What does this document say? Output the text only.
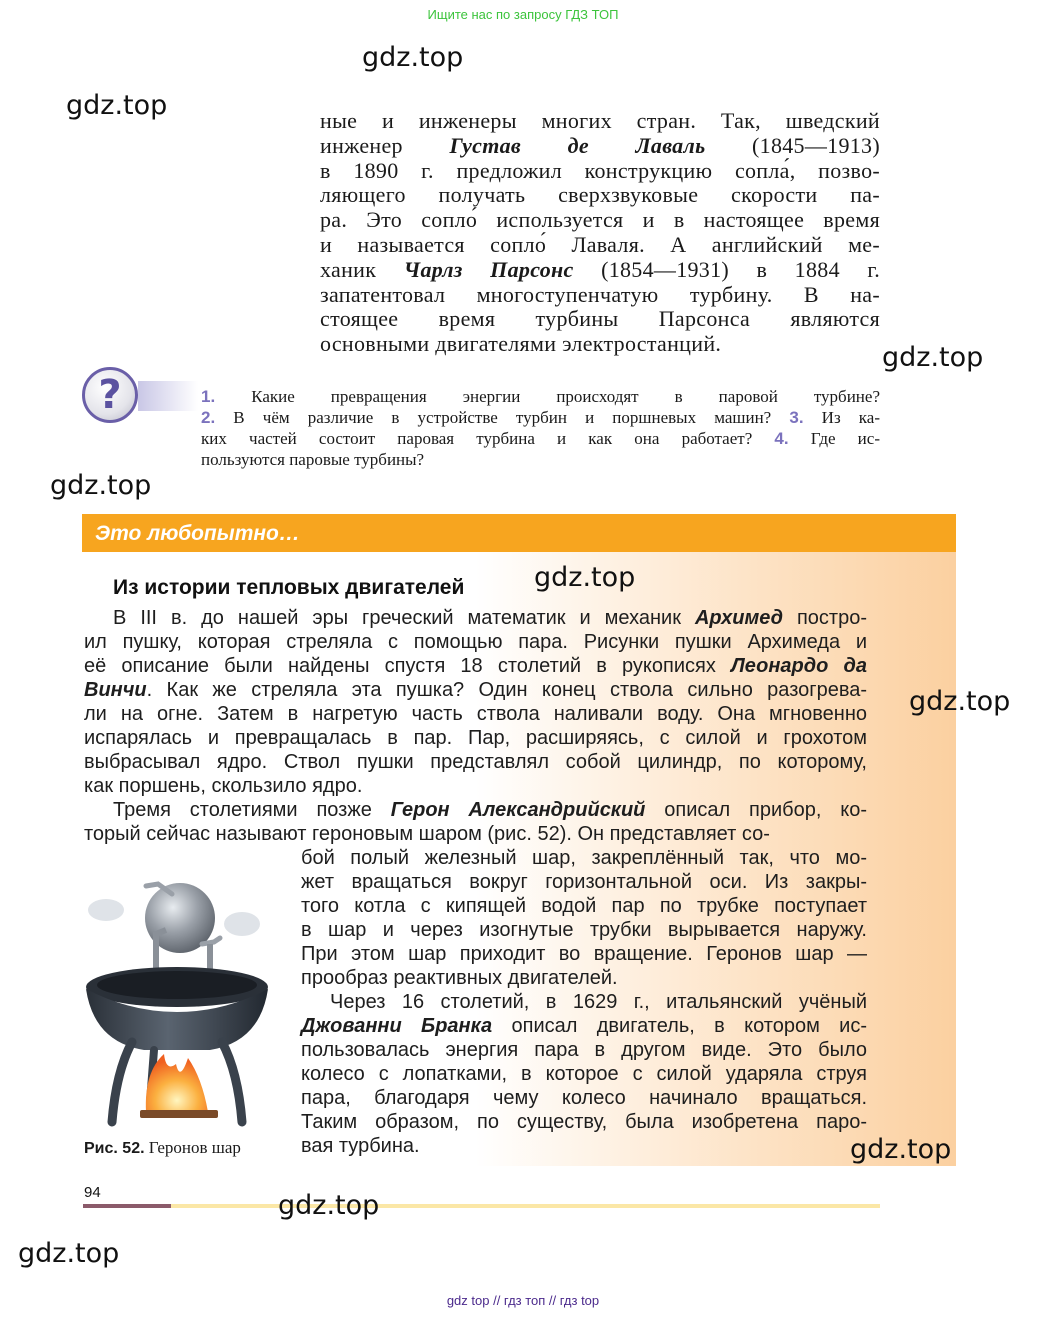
Ищите нас по запросу ГДЗ ТОП
gdz.top
gdz.top
gdz.top
gdz.top
ные и инженеры многих стран. Так, шведский
инженер Густав де Лаваль (1845—1913)
в 1890 г. предложил конструкцию сопла́, позво-
ляющего получать сверхзвуковые скорости па-
ра. Это сопло́ используется и в настоящее время
и называется сопло́ Лаваля. А английский ме-
ханик Чарлз Парсонс (1854—1931) в 1884 г.
запатентовал многоступенчатую турбину. В на-
стоящее время турбины Парсонса являются
основными двигателями электростанций.
?	1. Какие превращения энергии происходят в паровой турбине?
2. В чём различие в устройстве турбин и поршневых машин? 3. Из ка-
ких частей состоит паровая турбина и как она работает? 4. Где ис-
пользуются паровые турбины?
Это любопытно…
Из истории тепловых двигателей	gdz.top
В III в. до нашей эры греческий математик и механик Архимед постро-
ил пушку, которая стреляла с помощью пара. Рисунки пушки Архимеда и
её описание были найдены спустя 18 столетий в рукописях Леонардо да
Винчи. Как же стреляла эта пушка? Один конец ствола сильно разогрева-
ли на огне. Затем в нагретую часть ствола наливали воду. Она мгновенно
испарялась и превращалась в пар. Пар, расширяясь, с силой и грохотом
выбрасывал ядро. Ствол пушки представлял собой цилиндр, по которому,
как поршень, скользило ядро.
Тремя столетиями позже Герон Александрийский описал прибор, ко-
торый сейчас называют героновым шаром (рис. 52). Он представляет со-
бой полый железный шар, закреплённый так, что мо-
жет вращаться вокруг горизонтальной оси. Из закры-
того котла с кипящей водой пар по трубке поступает
в шар и через изогнутые трубки вырывается наружу.
При этом шар приходит во вращение. Геронов шар —
прообраз реактивных двигателей.
Через 16 столетий, в 1629 г., итальянский учёный
Джованни Бранка описал двигатель, в котором ис-
пользовалась энергия пара в другом виде. Это было
колесо с лопатками, в которое с силой ударяла струя
пара, благодаря чему колесо начинало вращаться.
Таким образом, по существу, была изобретена паро-
вая турбина.
gdz.top
Рис. 52. Геронов шар	gdz.top
94	gdz.top
gdz.top
gdz top // гдз топ // гдз top
